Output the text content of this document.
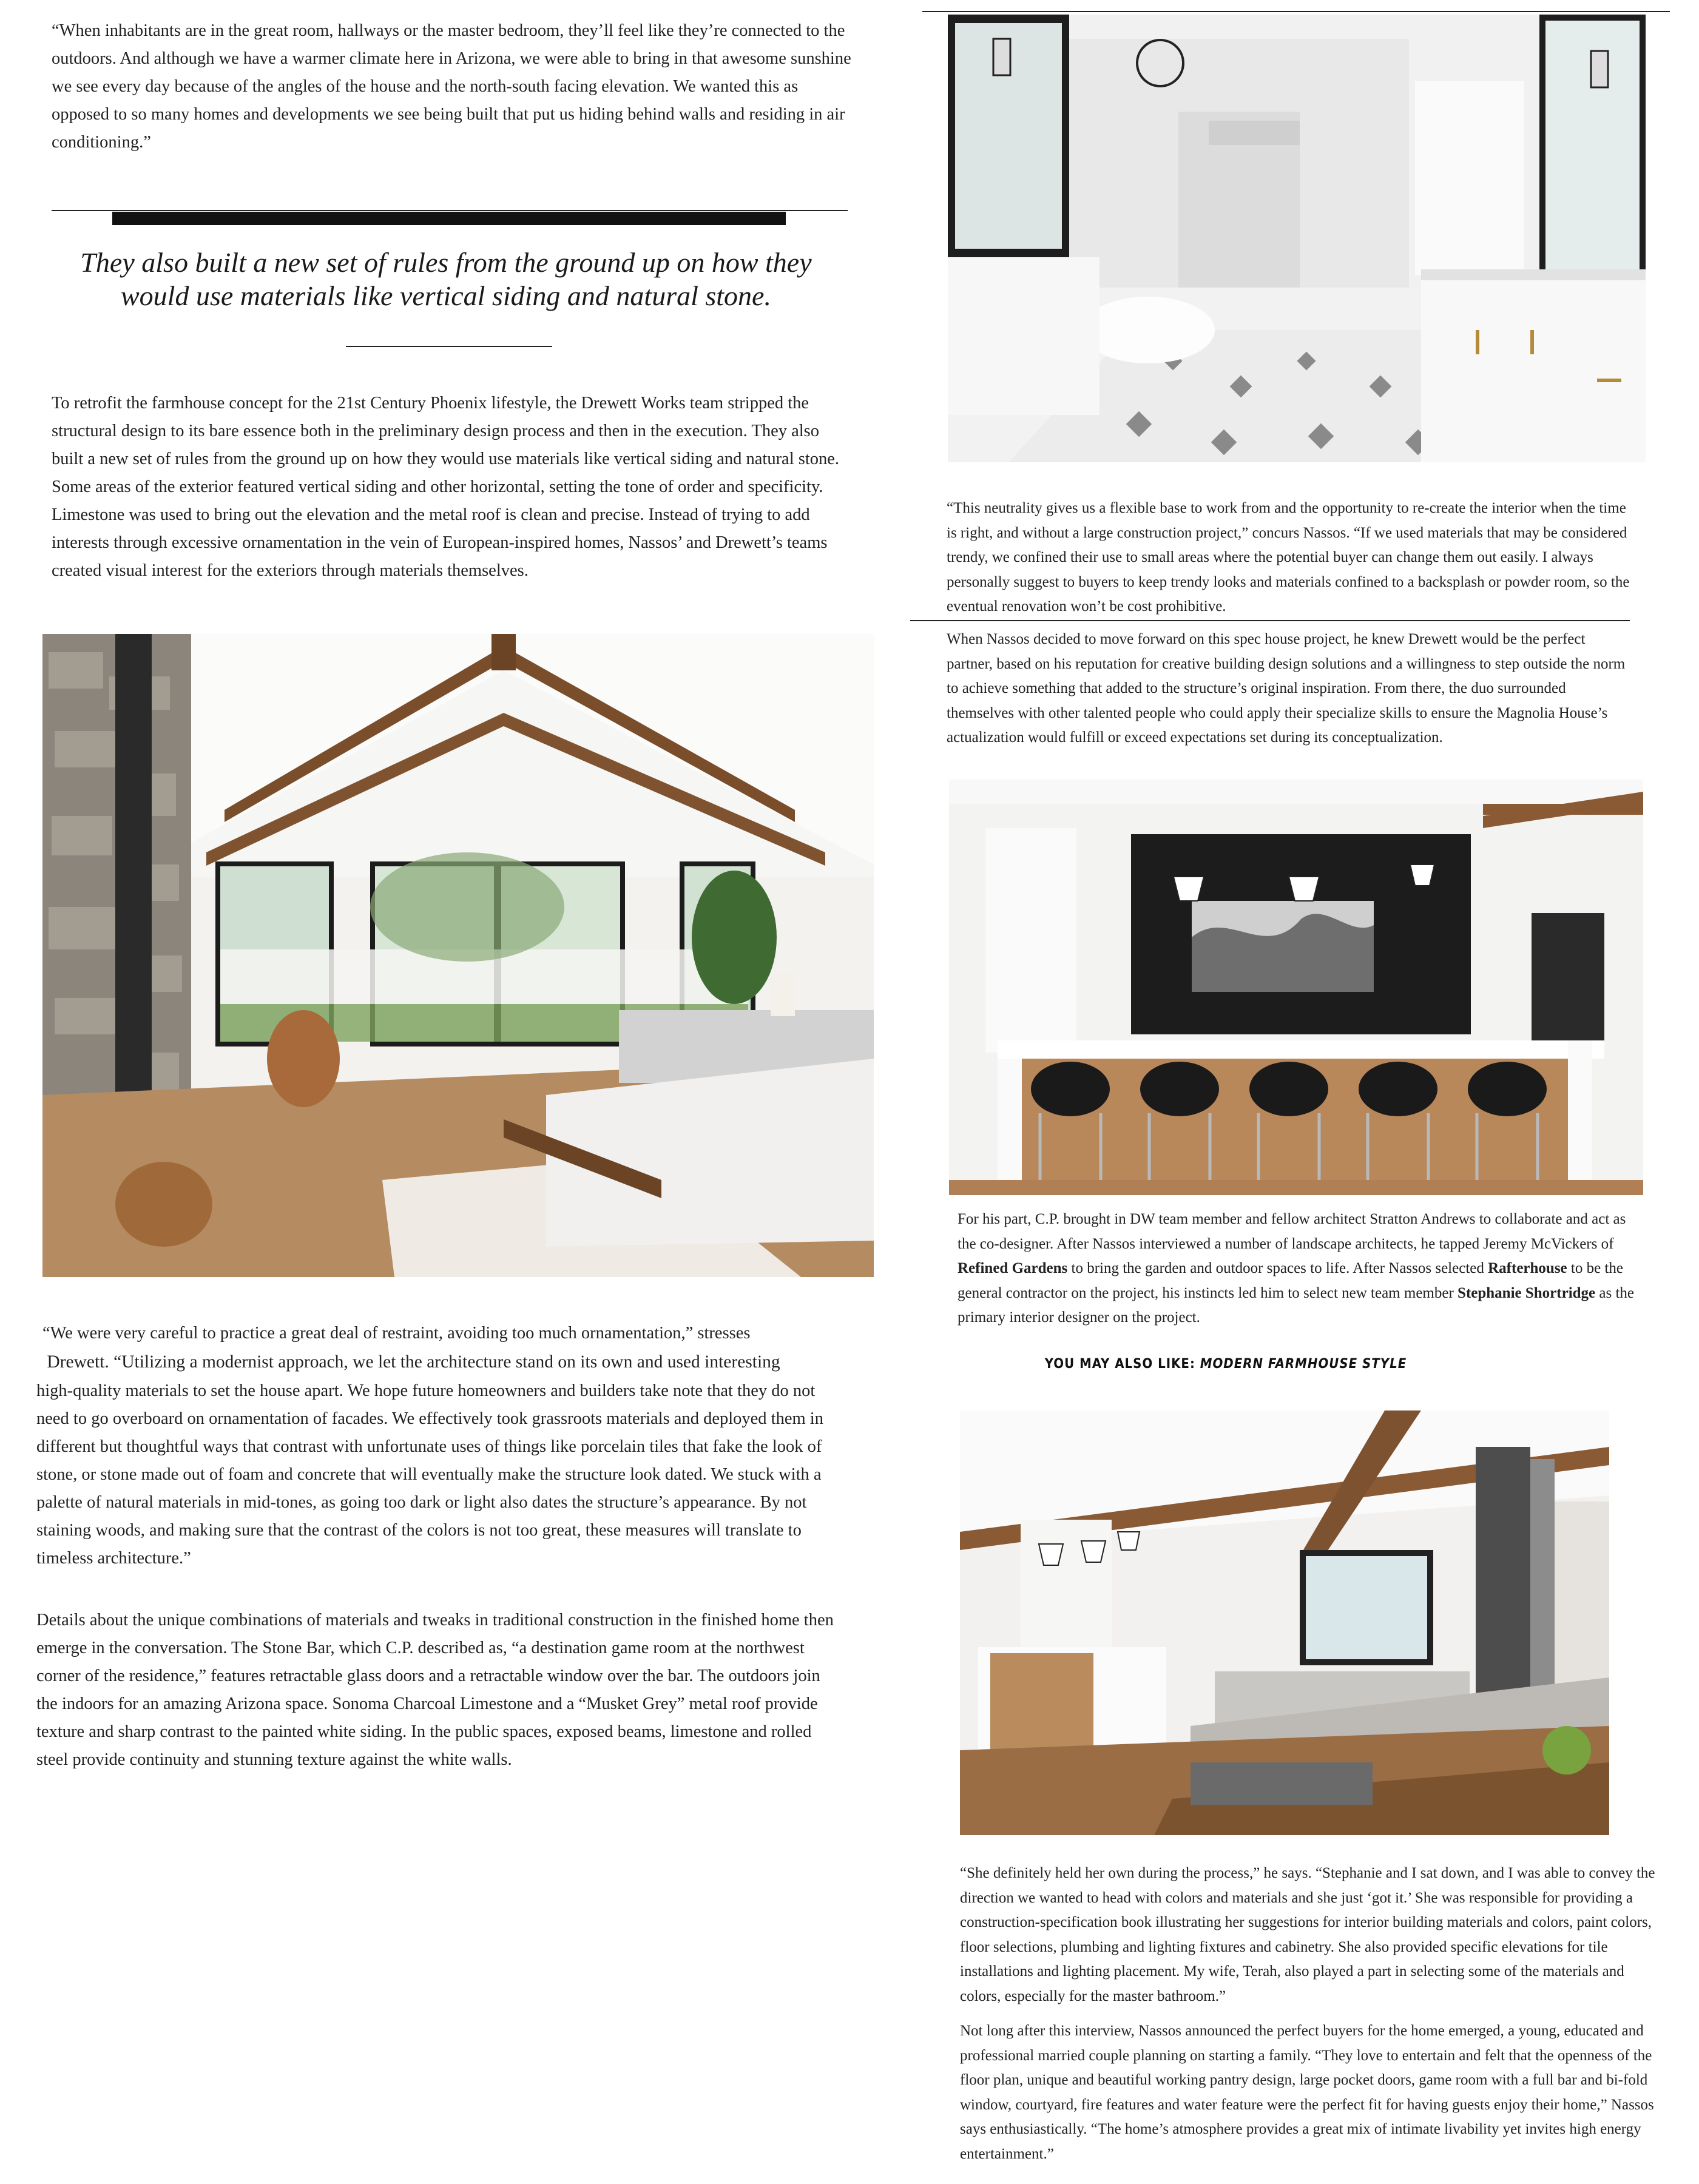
“When inhabitants are in the great room, hallways or the master bedroom, they’ll feel like they’re connected to the outdoors. And although we have a warmer climate here in Arizona, we were able to bring in that awesome sunshine we see every day because of the angles of the house and the north-south facing elevation. We wanted this as opposed to so many homes and developments we see being built that put us hiding behind walls and residing in air conditioning.”

They also built a new set of rules from the ground up on how they would use materials like vertical siding and natural stone.

To retrofit the farmhouse concept for the 21st Century Phoenix lifestyle, the Drewett Works team stripped the structural design to its bare essence both in the preliminary design process and then in the execution. They also built a new set of rules from the ground up on how they would use materials like vertical siding and natural stone. Some areas of the exterior featured vertical siding and other horizontal, setting the tone of order and specificity. Limestone was used to bring out the elevation and the metal roof is clean and precise. Instead of trying to add interests through excessive ornamentation in the vein of European-inspired homes, Nassos’ and Drewett’s teams created visual interest for the exteriors through materials themselves.

“We were very careful to practice a great deal of restraint, avoiding too much ornamentation,” stresses

Drewett. “Utilizing a modernist approach, we let the architecture stand on its own and used interesting

high-quality materials to set the house apart. We hope future homeowners and builders take note that they do not need to go overboard on ornamentation of facades. We effectively took grassroots materials and deployed them in different but thoughtful ways that contrast with unfortunate uses of things like porcelain tiles that fake the look of stone, or stone made out of foam and concrete that will eventually make the structure look dated. We stuck with a palette of natural materials in mid-tones, as going too dark or light also dates the structure’s appearance. By not staining woods, and making sure that the contrast of the colors is not too great, these measures will translate to timeless architecture.”

Details about the unique combinations of materials and tweaks in traditional construction in the finished home then emerge in the conversation. The Stone Bar, which C.P. described as, “a destination game room at the northwest corner of the residence,” features retractable glass doors and a retractable window over the bar. The outdoors join the indoors for an amazing Arizona space. Sonoma Charcoal Limestone and a “Musket Grey” metal roof provide texture and sharp contrast to the painted white siding. In the public spaces, exposed beams, limestone and rolled steel provide continuity and stunning texture against the white walls.

“This neutrality gives us a flexible base to work from and the opportunity to re-create the interior when the time is right, and without a large construction project,” concurs Nassos. “If we used materials that may be considered trendy, we confined their use to small areas where the potential buyer can change them out easily. I always personally suggest to buyers to keep trendy looks and materials confined to a backsplash or powder room, so the eventual renovation won’t be cost prohibitive.

When Nassos decided to move forward on this spec house project, he knew Drewett would be the perfect partner, based on his reputation for creative building design solutions and a willingness to step outside the norm to achieve something that added to the structure’s original inspiration. From there, the duo surrounded themselves with other talented people who could apply their specialize skills to ensure the Magnolia House’s actualization would fulfill or exceed expectations set during its conceptualization.

For his part, C.P. brought in DW team member and fellow architect Stratton Andrews to collaborate and act as the co-designer. After Nassos interviewed a number of landscape architects, he tapped Jeremy McVickers of Refined Gardens to bring the garden and outdoor spaces to life. After Nassos selected Rafterhouse to be the general contractor on the project, his instincts led him to select new team member Stephanie Shortridge as the primary interior designer on the project.

YOU MAY ALSO LIKE: MODERN FARMHOUSE STYLE

“She definitely held her own during the process,” he says. “Stephanie and I sat down, and I was able to convey the direction we wanted to head with colors and materials and she just ‘got it.’ She was responsible for providing a construction-specification book illustrating her suggestions for interior building materials and colors, paint colors, floor selections, plumbing and lighting fixtures and cabinetry. She also provided specific elevations for tile installations and lighting placement. My wife, Terah, also played a part in selecting some of the materials and colors, especially for the master bathroom.”

Not long after this interview, Nassos announced the perfect buyers for the home emerged, a young, educated and professional married couple planning on starting a family. “They love to entertain and felt that the openness of the floor plan, unique and beautiful working pantry design, large pocket doors, game room with a full bar and bi-fold window, courtyard, fire features and water feature were the perfect fit for having guests enjoy their home,” Nassos says enthusiastically. “The home’s atmosphere provides a great mix of intimate livability yet invites high energy entertainment.”
